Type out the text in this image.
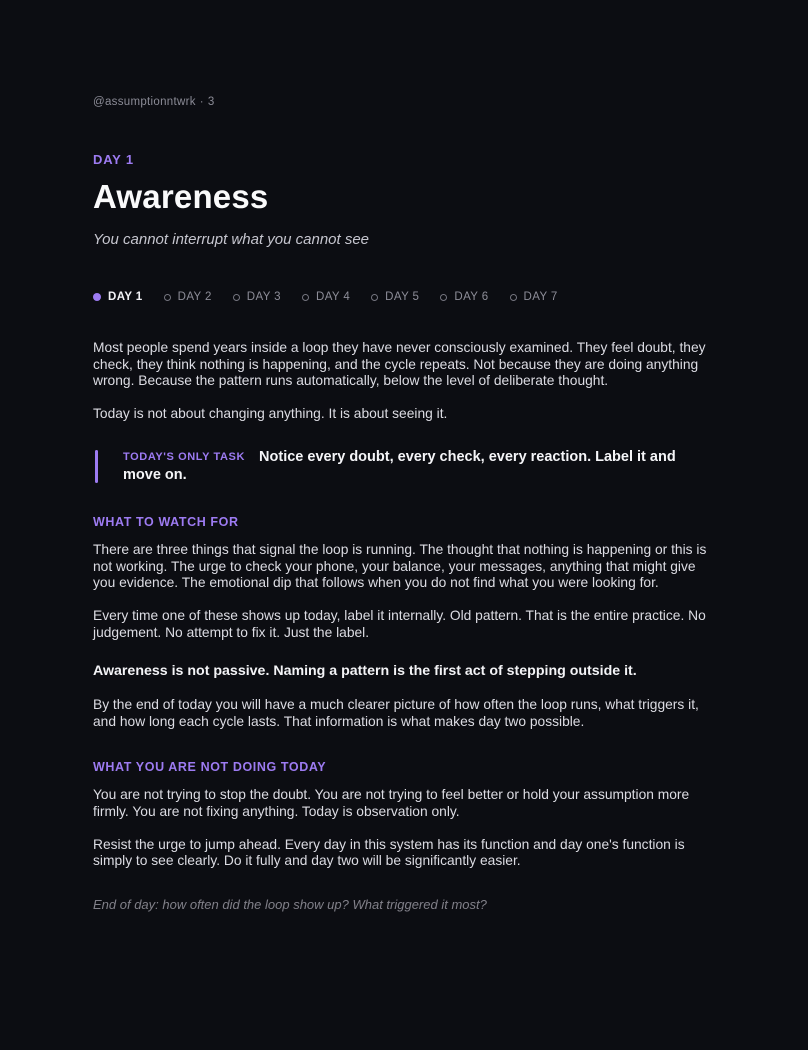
@assumptionntwrk · 3
DAY 1
Awareness
You cannot interrupt what you cannot see
DAY 1	DAY 2	DAY 3	DAY 4	DAY 5	DAY 6	DAY 7

Most people spend years inside a loop they have never consciously examined. They feel doubt, they check, they think nothing is happening, and the cycle repeats. Not because they are doing anything wrong. Because the pattern runs automatically, below the level of deliberate thought.

Today is not about changing anything. It is about seeing it.

TODAY'S ONLY TASK Notice every doubt, every check, every reaction. Label it and move on.

WHAT TO WATCH FOR

There are three things that signal the loop is running. The thought that nothing is happening or this is not working. The urge to check your phone, your balance, your messages, anything that might give you evidence. The emotional dip that follows when you do not find what you were looking for.

Every time one of these shows up today, label it internally. Old pattern. That is the entire practice. No judgement. No attempt to fix it. Just the label.

Awareness is not passive. Naming a pattern is the first act of stepping outside it.

By the end of today you will have a much clearer picture of how often the loop runs, what triggers it, and how long each cycle lasts. That information is what makes day two possible.

WHAT YOU ARE NOT DOING TODAY

You are not trying to stop the doubt. You are not trying to feel better or hold your assumption more firmly. You are not fixing anything. Today is observation only.

Resist the urge to jump ahead. Every day in this system has its function and day one's function is simply to see clearly. Do it fully and day two will be significantly easier.

End of day: how often did the loop show up? What triggered it most?
